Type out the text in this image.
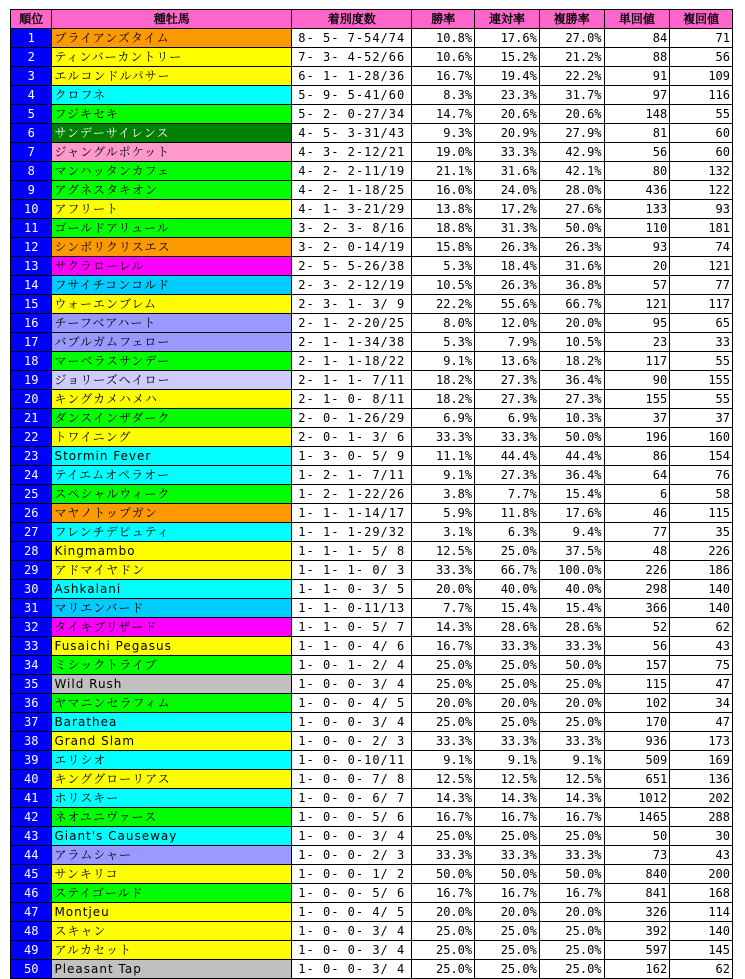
順位	種牡馬	着別度数	勝率	連対率	複勝率	単回値	複回値
1	ブライアンズタイム	8- 5- 7-54/74	10.8%	17.6%	27.0%	84	71
2	ティンバーカントリー	7- 3- 4-52/66	10.6%	15.2%	21.2%	88	56
3	エルコンドルパサー	6- 1- 1-28/36	16.7%	19.4%	22.2%	91	109
4	クロフネ	5- 9- 5-41/60	8.3%	23.3%	31.7%	97	116
5	フジキセキ	5- 2- 0-27/34	14.7%	20.6%	20.6%	148	55
6	サンデーサイレンス	4- 5- 3-31/43	9.3%	20.9%	27.9%	81	60
7	ジャングルポケット	4- 3- 2-12/21	19.0%	33.3%	42.9%	56	60
8	マンハッタンカフェ	4- 2- 2-11/19	21.1%	31.6%	42.1%	80	132
9	アグネスタキオン	4- 2- 1-18/25	16.0%	24.0%	28.0%	436	122
10	アフリート	4- 1- 3-21/29	13.8%	17.2%	27.6%	133	93
11	ゴールドアリュール	3- 2- 3- 8/16	18.8%	31.3%	50.0%	110	181
12	シンボリクリスエス	3- 2- 0-14/19	15.8%	26.3%	26.3%	93	74
13	サクラローレル	2- 5- 5-26/38	5.3%	18.4%	31.6%	20	121
14	フサイチコンコルド	2- 3- 2-12/19	10.5%	26.3%	36.8%	57	77
15	ウォーエンブレム	2- 3- 1- 3/ 9	22.2%	55.6%	66.7%	121	117
16	チーフベアハート	2- 1- 2-20/25	8.0%	12.0%	20.0%	95	65
17	バブルガムフェロー	2- 1- 1-34/38	5.3%	7.9%	10.5%	23	33
18	マーベラスサンデー	2- 1- 1-18/22	9.1%	13.6%	18.2%	117	55
19	ジョリーズヘイロー	2- 1- 1- 7/11	18.2%	27.3%	36.4%	90	155
20	キングカメハメハ	2- 1- 0- 8/11	18.2%	27.3%	27.3%	155	55
21	ダンスインザダーク	2- 0- 1-26/29	6.9%	6.9%	10.3%	37	37
22	トワイニング	2- 0- 1- 3/ 6	33.3%	33.3%	50.0%	196	160
23	Stormin Fever	1- 3- 0- 5/ 9	11.1%	44.4%	44.4%	86	154
24	テイエムオペラオー	1- 2- 1- 7/11	9.1%	27.3%	36.4%	64	76
25	スペシャルウィーク	1- 2- 1-22/26	3.8%	7.7%	15.4%	6	58
26	マヤノトップガン	1- 1- 1-14/17	5.9%	11.8%	17.6%	46	115
27	フレンチデピュティ	1- 1- 1-29/32	3.1%	6.3%	9.4%	77	35
28	Kingmambo	1- 1- 1- 5/ 8	12.5%	25.0%	37.5%	48	226
29	アドマイヤドン	1- 1- 1- 0/ 3	33.3%	66.7%	100.0%	226	186
30	Ashkalani	1- 1- 0- 3/ 5	20.0%	40.0%	40.0%	298	140
31	マリエンバード	1- 1- 0-11/13	7.7%	15.4%	15.4%	366	140
32	タイキブリザード	1- 1- 0- 5/ 7	14.3%	28.6%	28.6%	52	62
33	Fusaichi Pegasus	1- 1- 0- 4/ 6	16.7%	33.3%	33.3%	56	43
34	ミシックトライブ	1- 0- 1- 2/ 4	25.0%	25.0%	50.0%	157	75
35	Wild Rush	1- 0- 0- 3/ 4	25.0%	25.0%	25.0%	115	47
36	ヤマニンセラフィム	1- 0- 0- 4/ 5	20.0%	20.0%	20.0%	102	34
37	Barathea	1- 0- 0- 3/ 4	25.0%	25.0%	25.0%	170	47
38	Grand Slam	1- 0- 0- 2/ 3	33.3%	33.3%	33.3%	936	173
39	エリシオ	1- 0- 0-10/11	9.1%	9.1%	9.1%	509	169
40	キンググローリアス	1- 0- 0- 7/ 8	12.5%	12.5%	12.5%	651	136
41	ホリスキー	1- 0- 0- 6/ 7	14.3%	14.3%	14.3%	1012	202
42	ネオユニヴァース	1- 0- 0- 5/ 6	16.7%	16.7%	16.7%	1465	288
43	Giant's Causeway	1- 0- 0- 3/ 4	25.0%	25.0%	25.0%	50	30
44	アラムシャー	1- 0- 0- 2/ 3	33.3%	33.3%	33.3%	73	43
45	サンキリコ	1- 0- 0- 1/ 2	50.0%	50.0%	50.0%	840	200
46	ステイゴールド	1- 0- 0- 5/ 6	16.7%	16.7%	16.7%	841	168
47	Montjeu	1- 0- 0- 4/ 5	20.0%	20.0%	20.0%	326	114
48	スキャン	1- 0- 0- 3/ 4	25.0%	25.0%	25.0%	392	140
49	アルカセット	1- 0- 0- 3/ 4	25.0%	25.0%	25.0%	597	145
50	Pleasant Tap	1- 0- 0- 3/ 4	25.0%	25.0%	25.0%	162	62
